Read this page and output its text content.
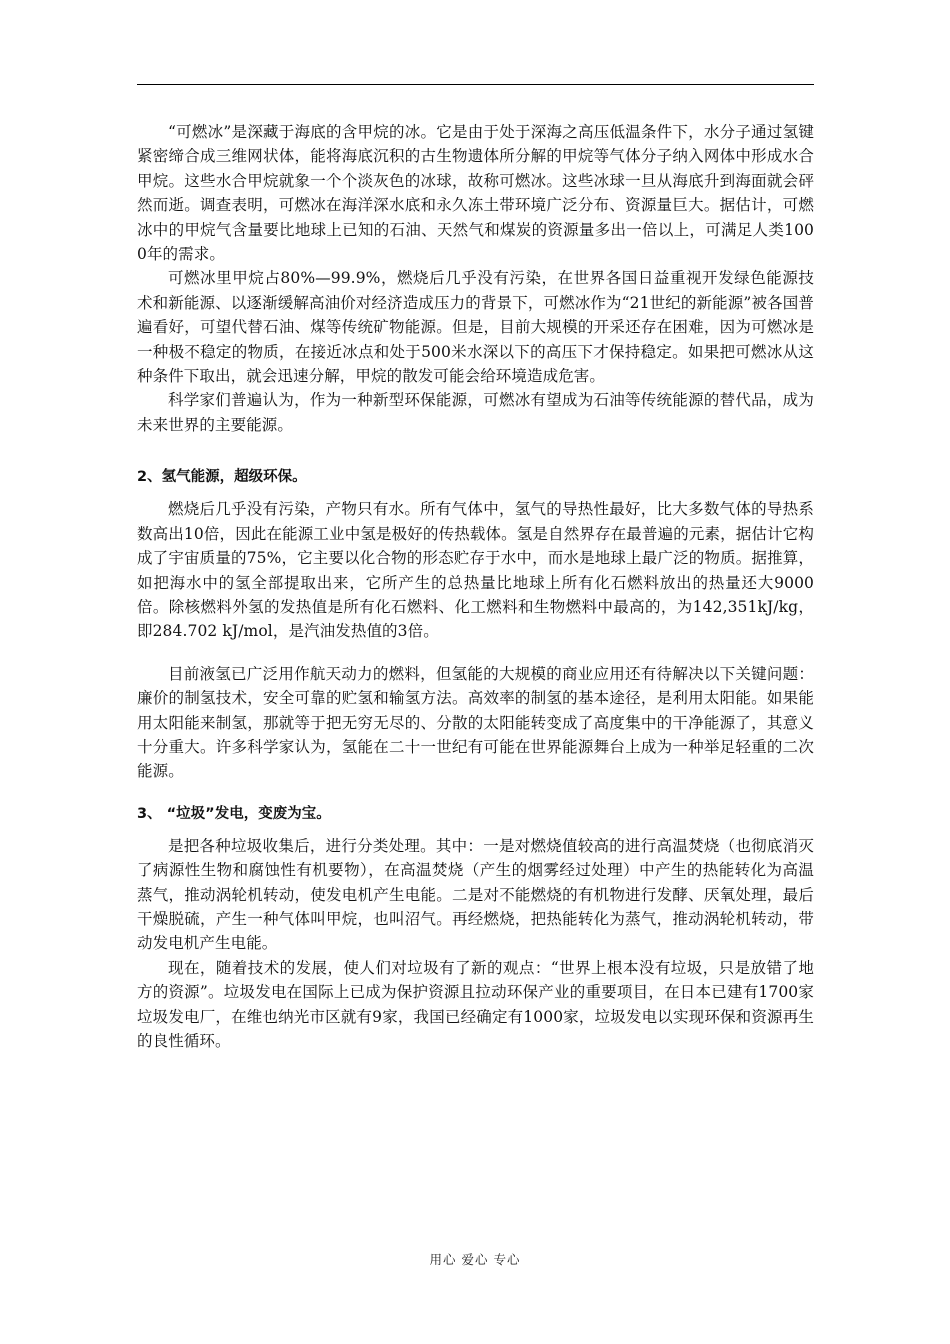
“可燃冰”是深藏于海底的含甲烷的冰。它是由于处于深海之高压低温条件下，水分子通过氢键紧密缔合成三维网状体，能将海底沉积的古生物遗体所分解的甲烷等气体分子纳入网体中形成水合甲烷。这些水合甲烷就象一个个淡灰色的冰球，故称可燃冰。这些冰球一旦从海底升到海面就会砰然而逝。调查表明，可燃冰在海洋深水底和永久冻土带环境广泛分布、资源量巨大。据估计，可燃冰中的甲烷气含量要比地球上已知的石油、天然气和煤炭的资源量多出一倍以上，可满足人类1000年的需求。

可燃冰里甲烷占80%—99.9%，燃烧后几乎没有污染，在世界各国日益重视开发绿色能源技术和新能源、以逐渐缓解高油价对经济造成压力的背景下，可燃冰作为“21世纪的新能源”被各国普遍看好，可望代替石油、煤等传统矿物能源。但是，目前大规模的开采还存在困难，因为可燃冰是一种极不稳定的物质，在接近冰点和处于500米水深以下的高压下才保持稳定。如果把可燃冰从这种条件下取出，就会迅速分解，甲烷的散发可能会给环境造成危害。

科学家们普遍认为，作为一种新型环保能源，可燃冰有望成为石油等传统能源的替代品，成为未来世界的主要能源。

2、氢气能源，超级环保。

燃烧后几乎没有污染，产物只有水。所有气体中，氢气的导热性最好，比大多数气体的导热系数高出10倍，因此在能源工业中氢是极好的传热载体。氢是自然界存在最普遍的元素，据估计它构成了宇宙质量的75%，它主要以化合物的形态贮存于水中，而水是地球上最广泛的物质。据推算，如把海水中的氢全部提取出来，它所产生的总热量比地球上所有化石燃料放出的热量还大9000倍。除核燃料外氢的发热值是所有化石燃料、化工燃料和生物燃料中最高的，为142,351kJ/kg，即284.702 kJ/mol，是汽油发热值的3倍。

目前液氢已广泛用作航天动力的燃料，但氢能的大规模的商业应用还有待解决以下关键问题：廉价的制氢技术，安全可靠的贮氢和输氢方法。高效率的制氢的基本途径，是利用太阳能。如果能用太阳能来制氢，那就等于把无穷无尽的、分散的太阳能转变成了高度集中的干净能源了，其意义十分重大。许多科学家认为，氢能在二十一世纪有可能在世界能源舞台上成为一种举足轻重的二次能源。

3、 “垃圾”发电，变废为宝。

是把各种垃圾收集后，进行分类处理。其中：一是对燃烧值较高的进行高温焚烧（也彻底消灭了病源性生物和腐蚀性有机要物），在高温焚烧（产生的烟雾经过处理）中产生的热能转化为高温蒸气，推动涡轮机转动，使发电机产生电能。二是对不能燃烧的有机物进行发酵、厌氧处理，最后干燥脱硫，产生一种气体叫甲烷，也叫沼气。再经燃烧，把热能转化为蒸气，推动涡轮机转动，带动发电机产生电能。

现在，随着技术的发展，使人们对垃圾有了新的观点：“世界上根本没有垃圾，只是放错了地方的资源”。垃圾发电在国际上已成为保护资源且拉动环保产业的重要项目，在日本已建有1700家垃圾发电厂，在维也纳光市区就有9家，我国已经确定有1000家，垃圾发电以实现环保和资源再生的良性循环。

用心 爱心 专心
